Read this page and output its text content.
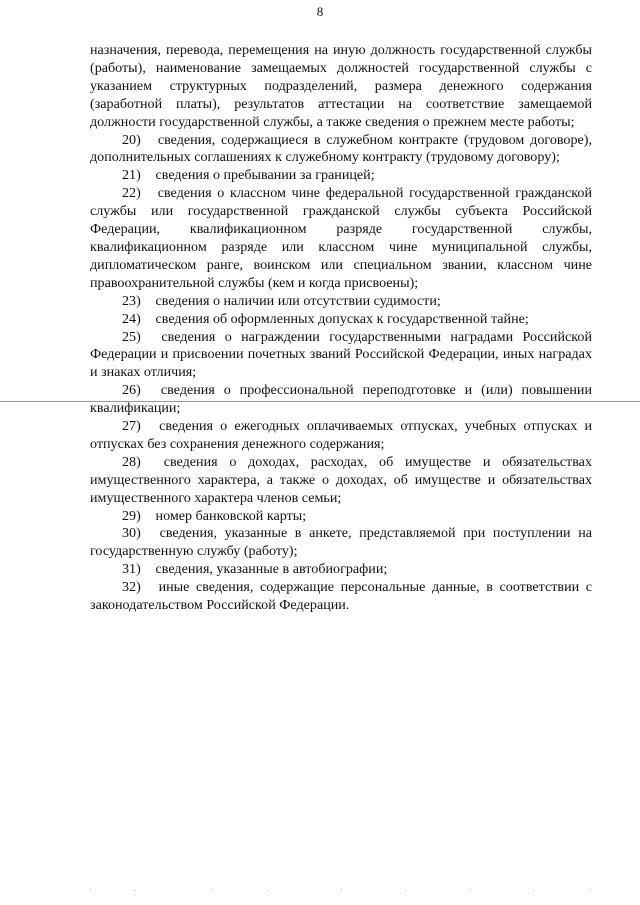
8

назначения, перевода, перемещения на иную должность государственной службы (работы), наименование замещаемых должностей государственной службы с указанием структурных подразделений, размера денежного содержания (заработной платы), результатов аттестации на соответствие замещаемой должности государственной службы, а также сведения о прежнем месте работы;

20) сведения, содержащиеся в служебном контракте (трудовом договоре), дополнительных соглашениях к служебному контракту (трудовому договору);

21) сведения о пребывании за границей;

22) сведения о классном чине федеральной государственной гражданской службы или государственной гражданской службы субъекта Российской Федерации, квалификационном разряде государственной службы, квалификационном разряде или классном чине муниципальной службы, дипломатическом ранге, воинском или специальном звании, классном чине правоохранительной службы (кем и когда присвоены);

23) сведения о наличии или отсутствии судимости;

24) сведения об оформленных допусках к государственной тайне;

25) сведения о награждении государственными наградами Российской Федерации и присвоении почетных званий Российской Федерации, иных наградах и знаках отличия;

26) сведения о профессиональной переподготовке и (или) повышении квалификации;

27) сведения о ежегодных оплачиваемых отпусках, учебных отпусках и отпусках без сохранения денежного содержания;

28) сведения о доходах, расходах, об имуществе и обязательствах имущественного характера, а также о доходах, об имуществе и обязательствах имущественного характера членов семьи;

29) номер банковской карты;

30) сведения, указанные в анкете, представляемой при поступлении на государственную службу (работу);

31) сведения, указанные в автобиографии;

32) иные сведения, содержащие персональные данные, в соответствии с законодательством Российской Федерации.
